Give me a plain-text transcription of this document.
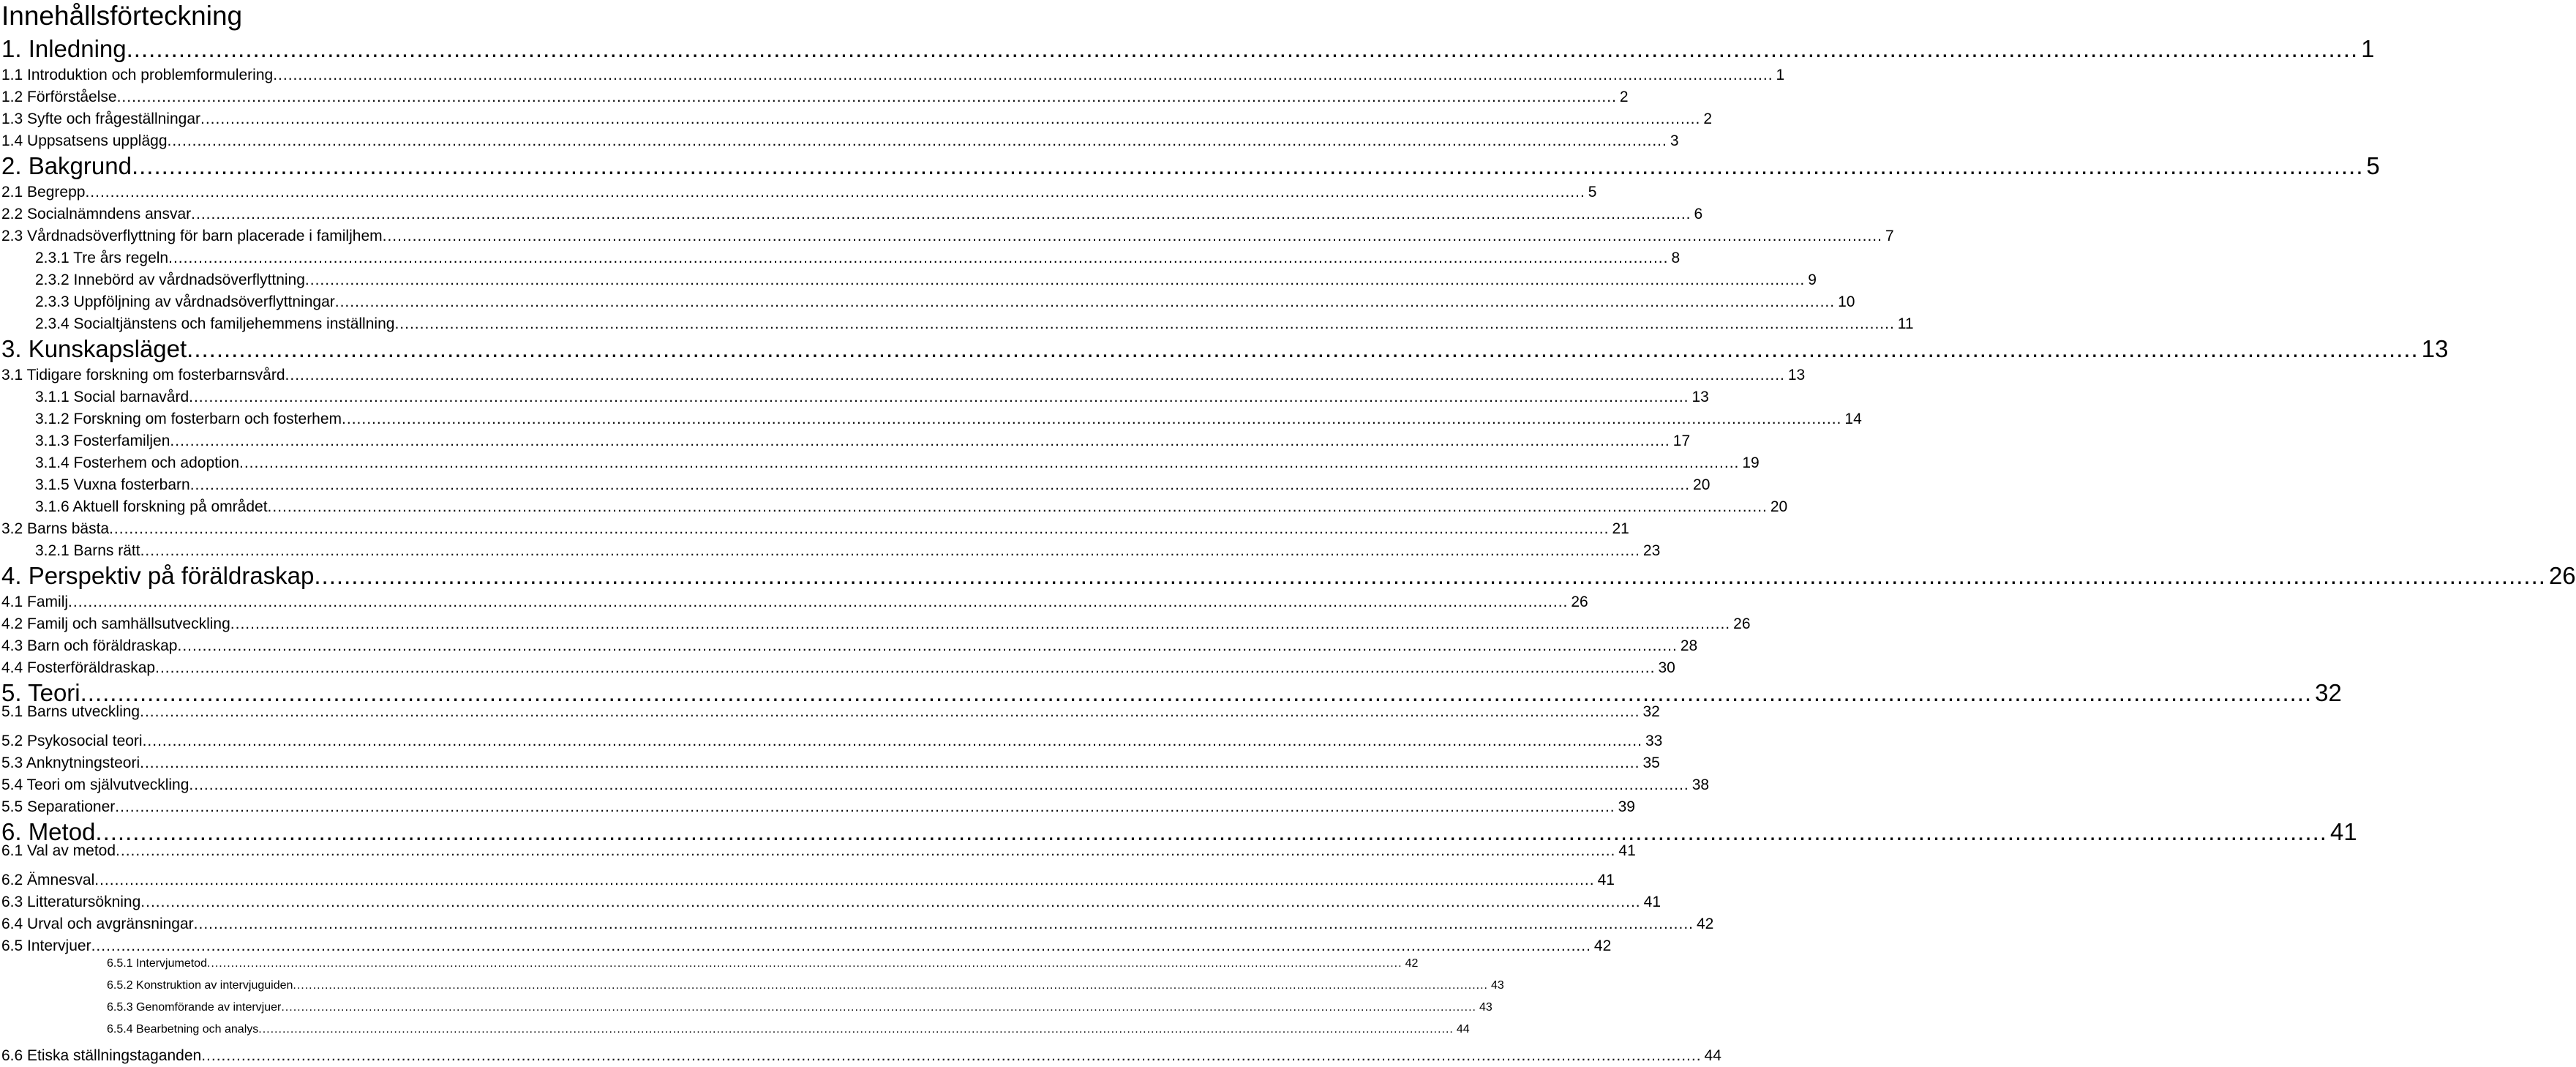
Innehållsförteckning
1. Inledning ............................................................................................................................................................................................................................................................................................................ 1
1.1 Introduktion och problemformulering ............................................................................................................................................................................................................................................................................................................ 1
1.2 Förförståelse ............................................................................................................................................................................................................................................................................................................ 2
1.3 Syfte och frågeställningar ............................................................................................................................................................................................................................................................................................................ 2
1.4 Uppsatsens upplägg ............................................................................................................................................................................................................................................................................................................ 3
2. Bakgrund ............................................................................................................................................................................................................................................................................................................ 5
2.1 Begrepp ............................................................................................................................................................................................................................................................................................................ 5
2.2 Socialnämndens ansvar ............................................................................................................................................................................................................................................................................................................ 6
2.3 Vårdnadsöverflyttning för barn placerade i familjhem ............................................................................................................................................................................................................................................................................................................ 7
2.3.1 Tre års regeln ............................................................................................................................................................................................................................................................................................................ 8
2.3.2 Innebörd av vårdnadsöverflyttning ............................................................................................................................................................................................................................................................................................................ 9
2.3.3 Uppföljning av vårdnadsöverflyttningar ............................................................................................................................................................................................................................................................................................................ 10
2.3.4 Socialtjänstens och familjehemmens inställning ............................................................................................................................................................................................................................................................................................................ 11
3. Kunskapsläget ............................................................................................................................................................................................................................................................................................................ 13
3.1 Tidigare forskning om fosterbarnsvård ............................................................................................................................................................................................................................................................................................................ 13
3.1.1 Social barnavård ............................................................................................................................................................................................................................................................................................................ 13
3.1.2 Forskning om fosterbarn och fosterhem ............................................................................................................................................................................................................................................................................................................ 14
3.1.3 Fosterfamiljen ............................................................................................................................................................................................................................................................................................................ 17
3.1.4 Fosterhem och adoption ............................................................................................................................................................................................................................................................................................................ 19
3.1.5 Vuxna fosterbarn ............................................................................................................................................................................................................................................................................................................ 20
3.1.6 Aktuell forskning på området ............................................................................................................................................................................................................................................................................................................ 20
3.2 Barns bästa ............................................................................................................................................................................................................................................................................................................ 21
3.2.1 Barns rätt ............................................................................................................................................................................................................................................................................................................ 23
4. Perspektiv på föräldraskap ............................................................................................................................................................................................................................................................................................................ 26
4.1 Familj ............................................................................................................................................................................................................................................................................................................ 26
4.2 Familj och samhällsutveckling ............................................................................................................................................................................................................................................................................................................ 26
4.3 Barn och föräldraskap ............................................................................................................................................................................................................................................................................................................ 28
4.4 Fosterföräldraskap ............................................................................................................................................................................................................................................................................................................ 30
5. Teori ............................................................................................................................................................................................................................................................................................................ 32
5.1 Barns utveckling ............................................................................................................................................................................................................................................................................................................ 32
5.2 Psykosocial teori ............................................................................................................................................................................................................................................................................................................ 33
5.3 Anknytningsteori ............................................................................................................................................................................................................................................................................................................ 35
5.4 Teori om självutveckling ............................................................................................................................................................................................................................................................................................................ 38
5.5 Separationer ............................................................................................................................................................................................................................................................................................................ 39
6. Metod ............................................................................................................................................................................................................................................................................................................ 41
6.1 Val av metod ............................................................................................................................................................................................................................................................................................................ 41
6.2 Ämnesval ............................................................................................................................................................................................................................................................................................................ 41
6.3 Litteratursökning ............................................................................................................................................................................................................................................................................................................ 41
6.4 Urval och avgränsningar ............................................................................................................................................................................................................................................................................................................ 42
6.5 Intervjuer ............................................................................................................................................................................................................................................................................................................ 42
6.5.1 Intervjumetod ............................................................................................................................................................................................................................................................................................................ 42
6.5.2 Konstruktion av intervjuguiden ............................................................................................................................................................................................................................................................................................................ 43
6.5.3 Genomförande av intervjuer ............................................................................................................................................................................................................................................................................................................ 43
6.5.4 Bearbetning och analys ............................................................................................................................................................................................................................................................................................................ 44
6.6 Etiska ställningstaganden ............................................................................................................................................................................................................................................................................................................ 44
